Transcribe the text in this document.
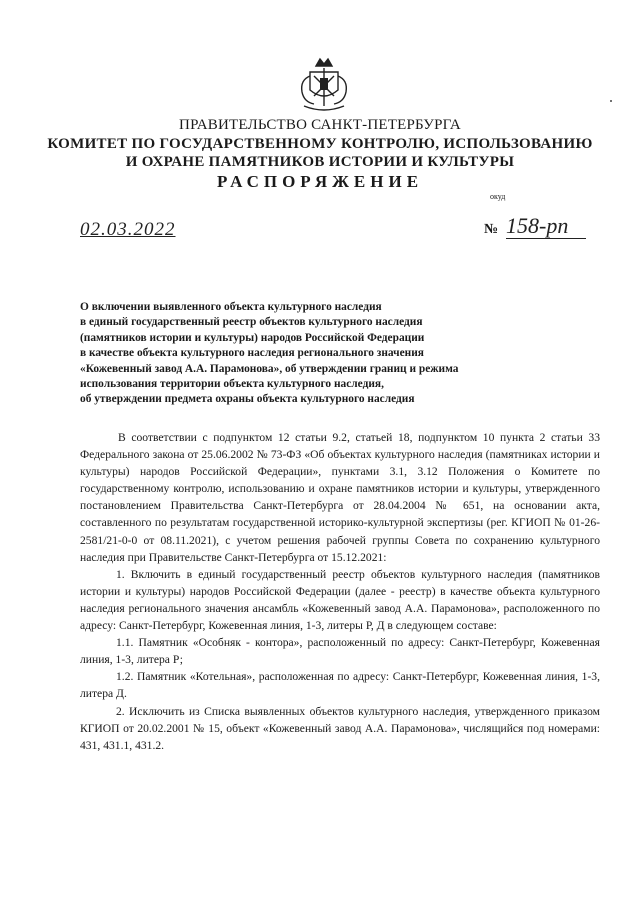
ПРАВИТЕЛЬСТВО САНКТ-ПЕТЕРБУРГА
КОМИТЕТ ПО ГОСУДАРСТВЕННОМУ КОНТРОЛЮ, ИСПОЛЬЗОВАНИЮ
И ОХРАНЕ ПАМЯТНИКОВ ИСТОРИИ И КУЛЬТУРЫ
РАСПОРЯЖЕНИЕ
окуд
02.03.2022	№ 158-рп
О включении выявленного объекта культурного наследия
в единый государственный реестр объектов культурного наследия
(памятников истории и культуры) народов Российской Федерации
в качестве объекта культурного наследия регионального значения
«Кожевенный завод А.А. Парамонова», об утверждении границ и режима
использования территории объекта культурного наследия,
об утверждении предмета охраны объекта культурного наследия

В соответствии с подпунктом 12 статьи 9.2, статьей 18, подпунктом 10 пункта 2 статьи 33 Федерального закона от 25.06.2002 № 73-ФЗ «Об объектах культурного наследия (памятниках истории и культуры) народов Российской Федерации», пунктами 3.1, 3.12 Положения о Комитете по государственному контролю, использованию и охране памятников истории и культуры, утвержденного постановлением Правительства Санкт-Петербурга от 28.04.2004 № 651, на основании акта, составленного по результатам государственной историко-культурной экспертизы (рег. КГИОП № 01-26-2581/21-0-0 от 08.11.2021), с учетом решения рабочей группы Совета по сохранению культурного наследия при Правительстве Санкт-Петербурга от 15.12.2021:

1. Включить в единый государственный реестр объектов культурного наследия (памятников истории и культуры) народов Российской Федерации (далее - реестр) в качестве объекта культурного наследия регионального значения ансамбль «Кожевенный завод А.А. Парамонова», расположенного по адресу: Санкт-Петербург, Кожевенная линия, 1-3, литеры Р, Д в следующем составе:

1.1. Памятник «Особняк - контора», расположенный по адресу: Санкт-Петербург, Кожевенная линия, 1-3, литера Р;

1.2. Памятник «Котельная», расположенная по адресу: Санкт-Петербург, Кожевенная линия, 1-3, литера Д.

2. Исключить из Списка выявленных объектов культурного наследия, утвержденного приказом КГИОП от 20.02.2001 № 15, объект «Кожевенный завод А.А. Парамонова», числящийся под номерами: 431, 431.1, 431.2.
